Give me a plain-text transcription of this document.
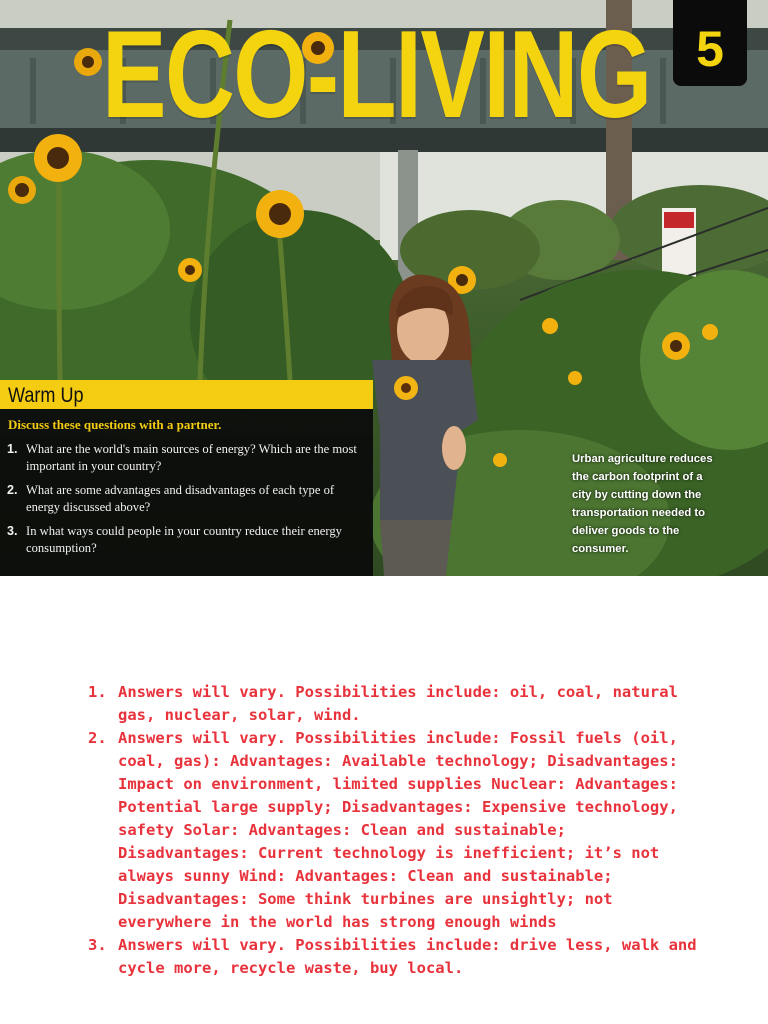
ECO-LIVING 5
Warm Up
Discuss these questions with a partner.
1. What are the world's main sources of energy? Which are the most important in your country?
2. What are some advantages and disadvantages of each type of energy discussed above?
3. In what ways could people in your country reduce their energy consumption?
Urban agriculture reduces the carbon footprint of a city by cutting down the transportation needed to deliver goods to the consumer.
1. Answers will vary. Possibilities include: oil, coal, natural gas, nuclear, solar, wind.
2. Answers will vary. Possibilities include: Fossil fuels (oil, coal, gas): Advantages: Available technology; Disadvantages: Impact on environment, limited supplies Nuclear: Advantages: Potential large supply; Disadvantages: Expensive technology, safety Solar: Advantages: Clean and sustainable; Disadvantages: Current technology is inefficient; it’s not always sunny Wind: Advantages: Clean and sustainable; Disadvantages: Some think turbines are unsightly; not everywhere in the world has strong enough winds
3. Answers will vary. Possibilities include: drive less, walk and cycle more, recycle waste, buy local.
